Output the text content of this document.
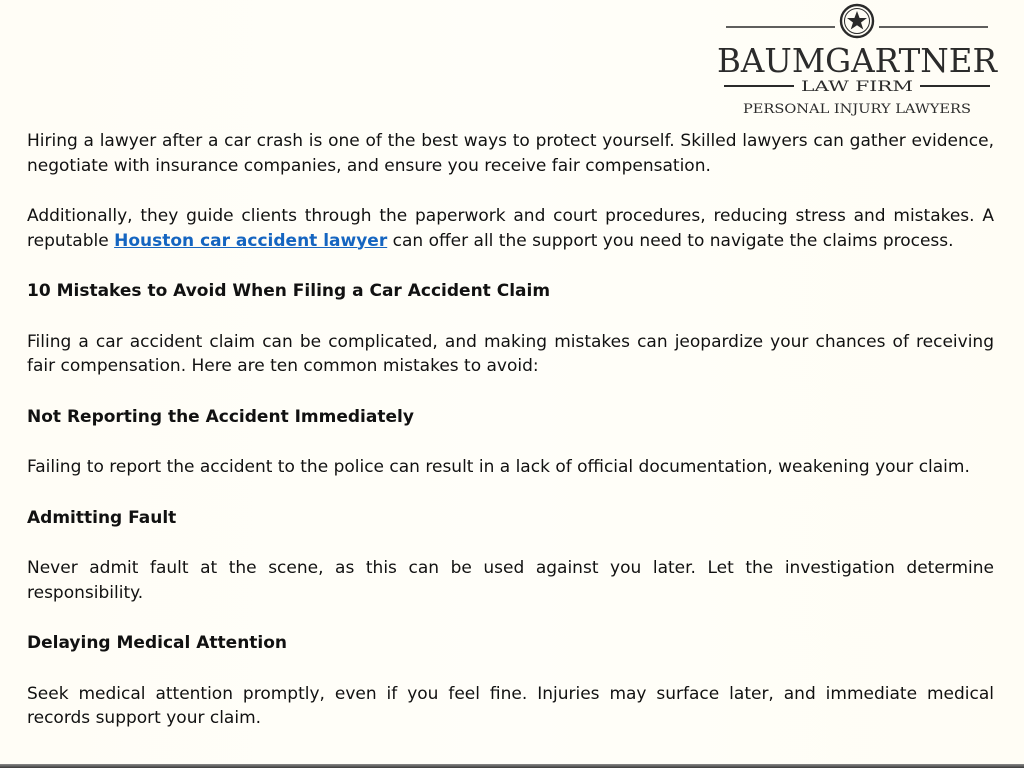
BAUMGARTNER
LAW FIRM
PERSONAL INJURY LAWYERS

Hiring a lawyer after a car crash is one of the best ways to protect yourself. Skilled lawyers can gather evidence, negotiate with insurance companies, and ensure you receive fair compensation.

Additionally, they guide clients through the paperwork and court procedures, reducing stress and mistakes. A reputable Houston car accident lawyer can offer all the support you need to navigate the claims process.

10 Mistakes to Avoid When Filing a Car Accident Claim

Filing a car accident claim can be complicated, and making mistakes can jeopardize your chances of receiving fair compensation. Here are ten common mistakes to avoid:

Not Reporting the Accident Immediately

Failing to report the accident to the police can result in a lack of official documentation, weakening your claim.

Admitting Fault

Never admit fault at the scene, as this can be used against you later. Let the investigation determine responsibility.

Delaying Medical Attention

Seek medical attention promptly, even if you feel fine. Injuries may surface later, and immediate medical records support your claim.
